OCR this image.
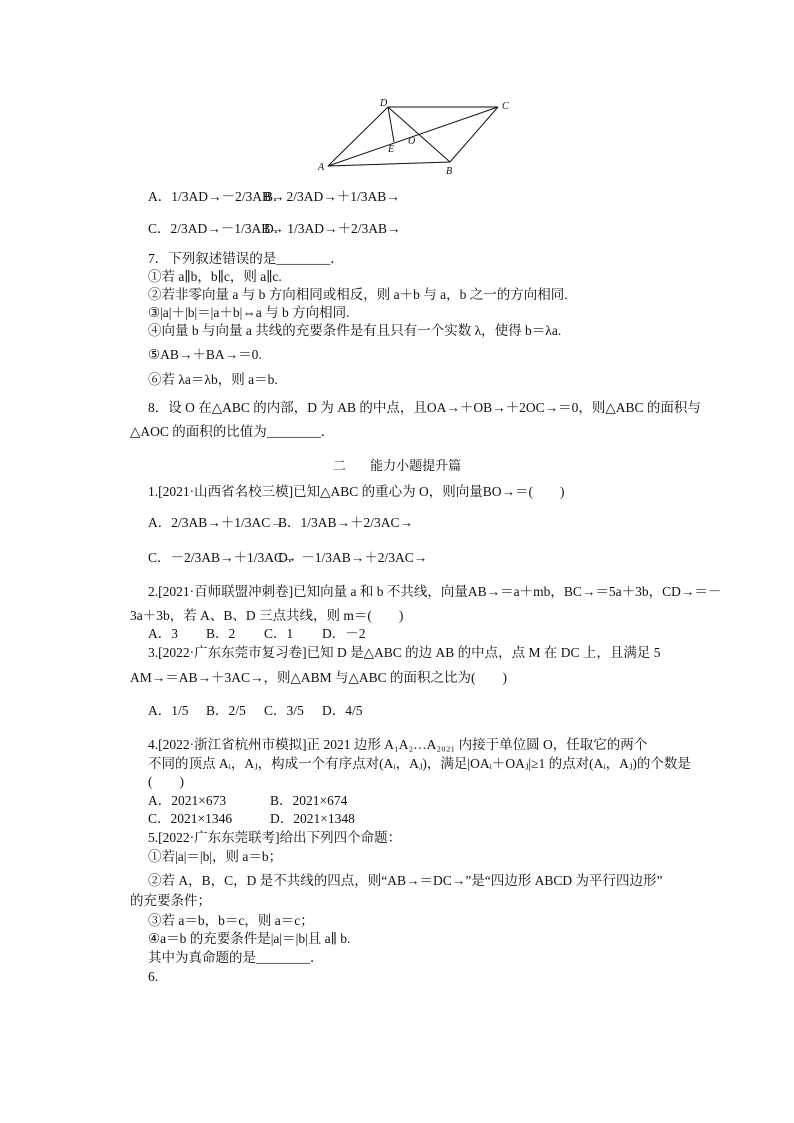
A	B
C
D
E
O
A．1/3AD→－2/3AB→
B．2/3AD→＋1/3AB→
C．2/3AD→－1/3AB→
D．1/3AD→＋2/3AB→
7．下列叙述错误的是________．
①若 a∥b，b∥c，则 a∥c.
②若非零向量 a 与 b 方向相同或相反，则 a＋b 与 a，b 之一的方向相同.
③|a|＋|b|＝|a＋b|⇔a 与 b 方向相同.
④向量 b 与向量 a 共线的充要条件是有且只有一个实数 λ，使得 b＝λa.
⑤AB→＋BA→＝0.
⑥若 λa＝λb，则 a＝b.
8．设 O 在△ABC 的内部，D 为 AB 的中点，且OA→＋OB→＋2OC→＝0，则△ABC 的面积与
△AOC 的面积的比值为________．
二 能力小题提升篇
1.[2021·山西省名校三模]已知△ABC 的重心为 O，则向量BO→＝(　　)
A．2/3AB→＋1/3AC→
B．1/3AB→＋2/3AC→
C．－2/3AB→＋1/3AC→
D．－1/3AB→＋2/3AC→
2.[2021·百师联盟冲刺卷]已知向量 a 和 b 不共线，向量AB→＝a＋mb，BC→＝5a＋3b，CD→＝－
3a＋3b，若 A、B、D 三点共线，则 m＝(　　)
A．3 B．2 C．1 D．－2
3.[2022·广东东莞市复习卷]已知 D 是△ABC 的边 AB 的中点，点 M 在 DC 上，且满足 5
AM→＝AB→＋3AC→，则△ABM 与△ABC 的面积之比为(　　)
A．1/5 B．2/5 C．3/5 D．4/5
4.[2022·浙江省杭州市模拟]正 2021 边形 A₁A₂…A₂₀₂₁ 内接于单位圆 O，任取它的两个
不同的顶点 Aᵢ，Aⱼ，构成一个有序点对(Aᵢ，Aⱼ)，满足|OAᵢ＋OAⱼ|≥1 的点对(Aᵢ，Aⱼ)的个数是
(　　)
A．2021×673	B．2021×674
C．2021×1346	D．2021×1348
5.[2022·广东东莞联考]给出下列四个命题：
①若|a|＝|b|，则 a＝b；
②若 A，B，C，D 是不共线的四点，则“AB→＝DC→”是“四边形 ABCD 为平行四边形”
的充要条件；
③若 a＝b，b＝c，则 a＝c；
④a＝b 的充要条件是|a|＝|b|且 a∥ b.
其中为真命题的是________．
6.
